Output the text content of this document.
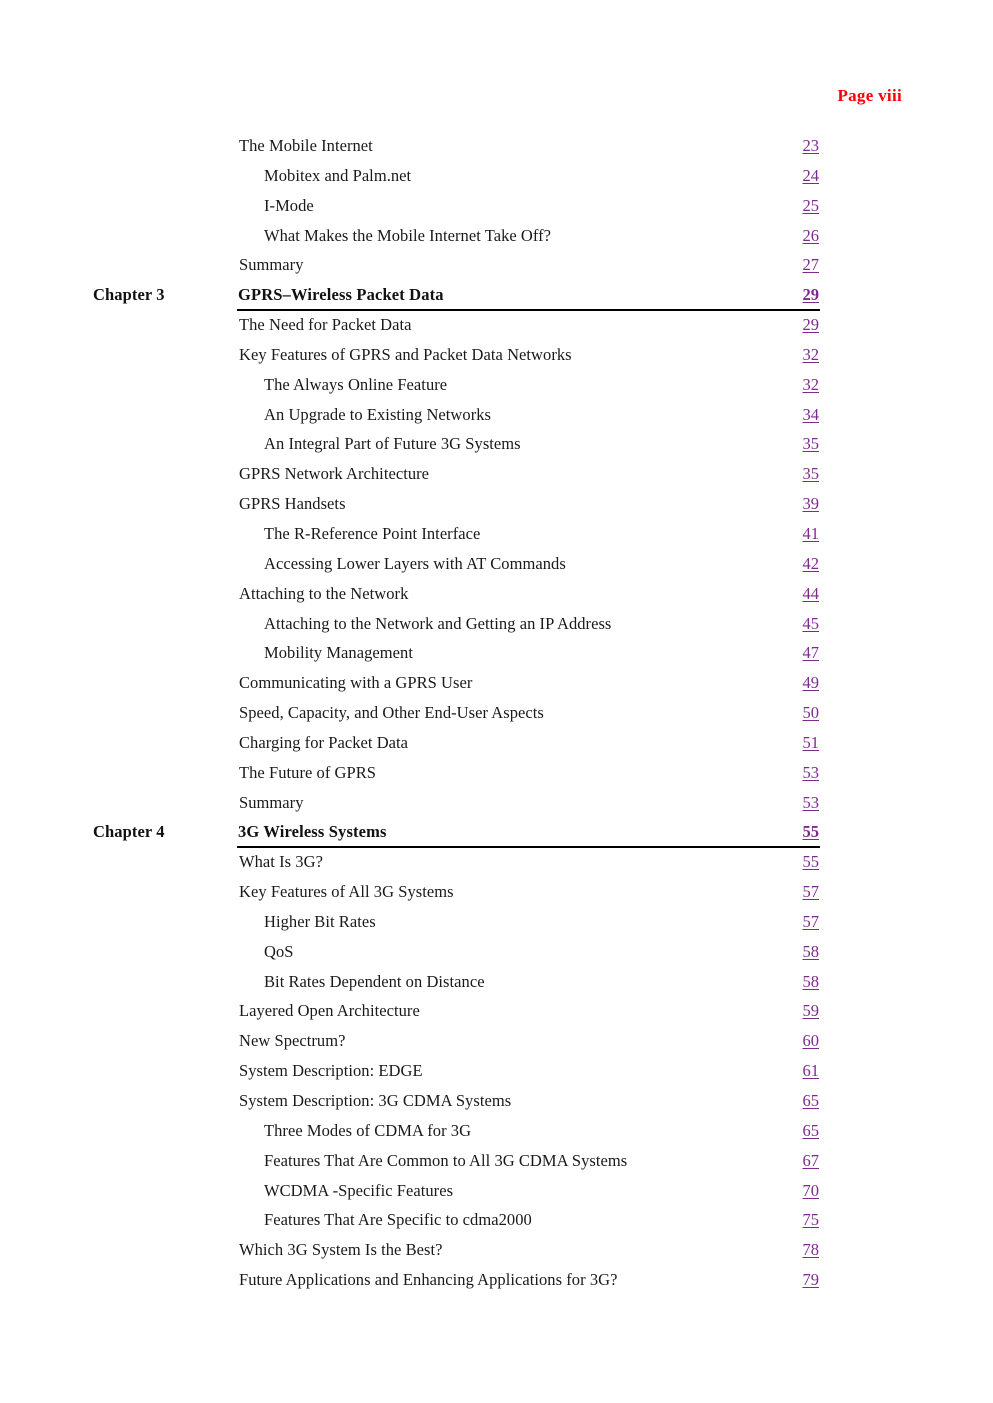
Page viii
The Mobile Internet	23
Mobitex and Palm.net	24
I-Mode	25
What Makes the Mobile Internet Take Off?	26
Summary	27
Chapter 3	GPRS–Wireless Packet Data	29
The Need for Packet Data	29
Key Features of GPRS and Packet Data Networks	32
The Always Online Feature	32
An Upgrade to Existing Networks	34
An Integral Part of Future 3G Systems	35
GPRS Network Architecture	35
GPRS Handsets	39
The R-Reference Point Interface	41
Accessing Lower Layers with AT Commands	42
Attaching to the Network	44
Attaching to the Network and Getting an IP Address	45
Mobility Management	47
Communicating with a GPRS User	49
Speed, Capacity, and Other End-User Aspects	50
Charging for Packet Data	51
The Future of GPRS	53
Summary	53
Chapter 4	3G Wireless Systems	55
What Is 3G?	55
Key Features of All 3G Systems	57
Higher Bit Rates	57
QoS	58
Bit Rates Dependent on Distance	58
Layered Open Architecture	59
New Spectrum?	60
System Description: EDGE	61
System Description: 3G CDMA Systems	65
Three Modes of CDMA for 3G	65
Features That Are Common to All 3G CDMA Systems	67
WCDMA -Specific Features	70
Features That Are Specific to cdma2000	75
Which 3G System Is the Best?	78
Future Applications and Enhancing Applications for 3G?	79
